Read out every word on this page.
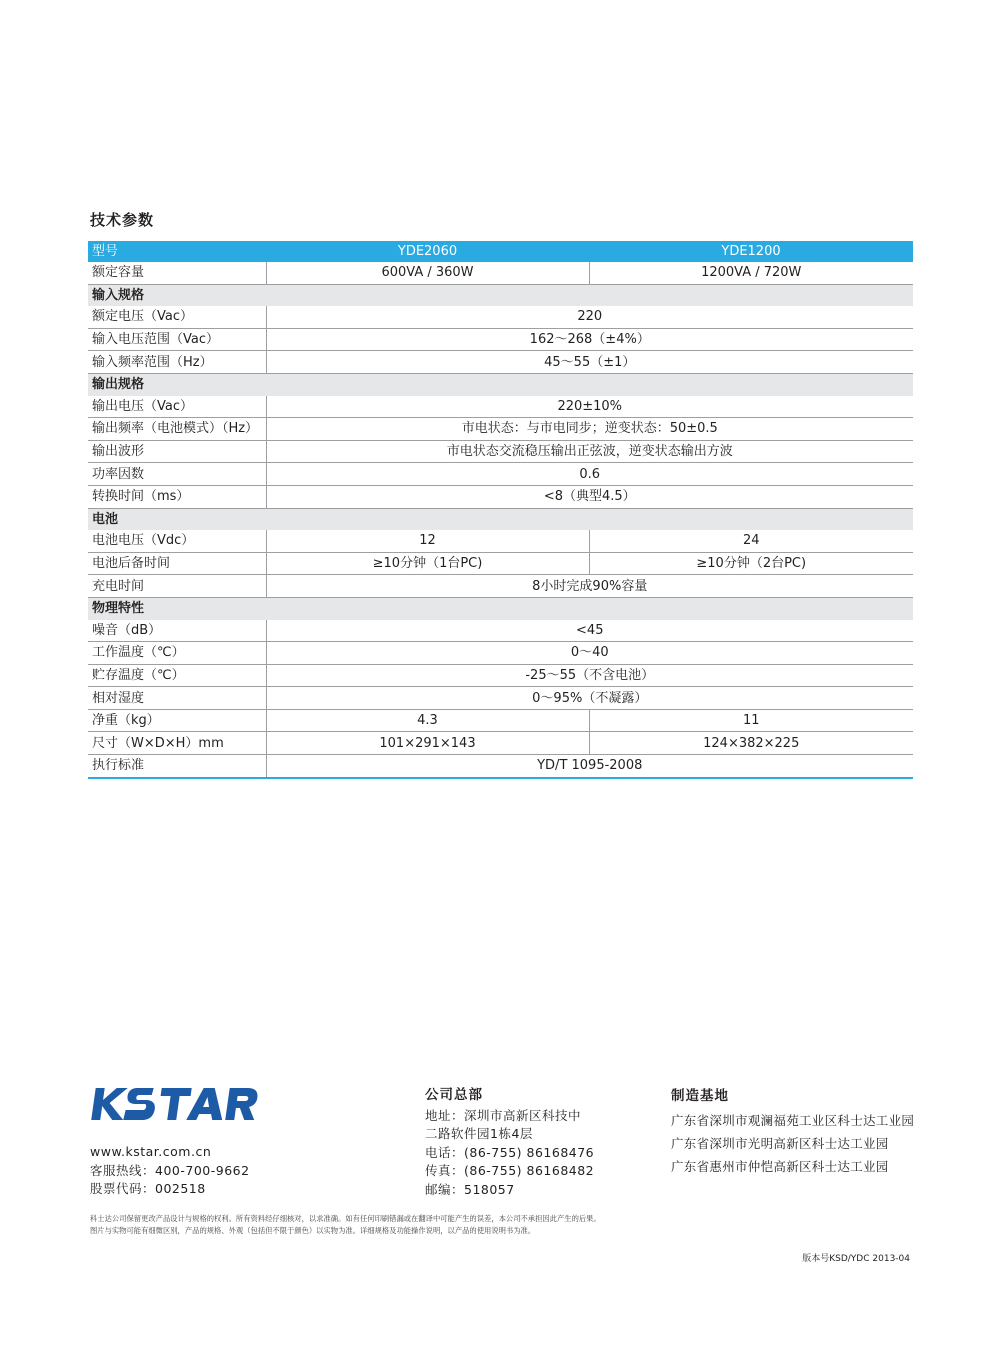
技术参数
型号	YDE2060	YDE1200
额定容量	600VA / 360W	1200VA / 720W
输入规格		
额定电压（Vac）	220	
输入电压范围（Vac）	162～268（±4%）	
输入频率范围（Hz）	45～55（±1）	
输出规格		
输出电压（Vac）	220±10%	
输出频率（电池模式）（Hz）	市电状态：与市电同步；逆变状态：50±0.5	
输出波形	市电状态交流稳压输出正弦波，逆变状态输出方波	
功率因数	0.6	
转换时间（ms）	<8（典型4.5）	
电池		
电池电压（Vdc）	12	24
电池后备时间	≥10分钟（1台PC)	≥10分钟（2台PC)
充电时间	8小时完成90%容量	
物理特性		
噪音（dB）	<45	
工作温度（℃）	0～40	
贮存温度（℃）	-25～55（不含电池）	
相对湿度	0～95%（不凝露）	
净重（kg）	4.3	11
尺寸（W×D×H）mm	101×291×143	124×382×225
执行标准	YD/T 1095-2008	
www.kstar.com.cn
客服热线：400-700-9662
股票代码：002518
公司总部
地址：深圳市高新区科技中
二路软件园1栋4层
电话：(86-755) 86168476
传真：(86-755) 86168482
邮编：518057
制造基地
广东省深圳市观澜福苑工业区科士达工业园
广东省深圳市光明高新区科士达工业园
广东省惠州市仲恺高新区科士达工业园
科士达公司保留更改产品设计与规格的权利。所有资料经仔细核对，以求准确。如有任何印刷错漏或在翻译中可能产生的误差，本公司不承担因此产生的后果。
图片与实物可能有细微区别，产品的规格、外观（包括但不限于颜色）以实物为准。详细规格及功能操作说明，以产品的使用说明书为准。
版本号KSD/YDC 2013-04
